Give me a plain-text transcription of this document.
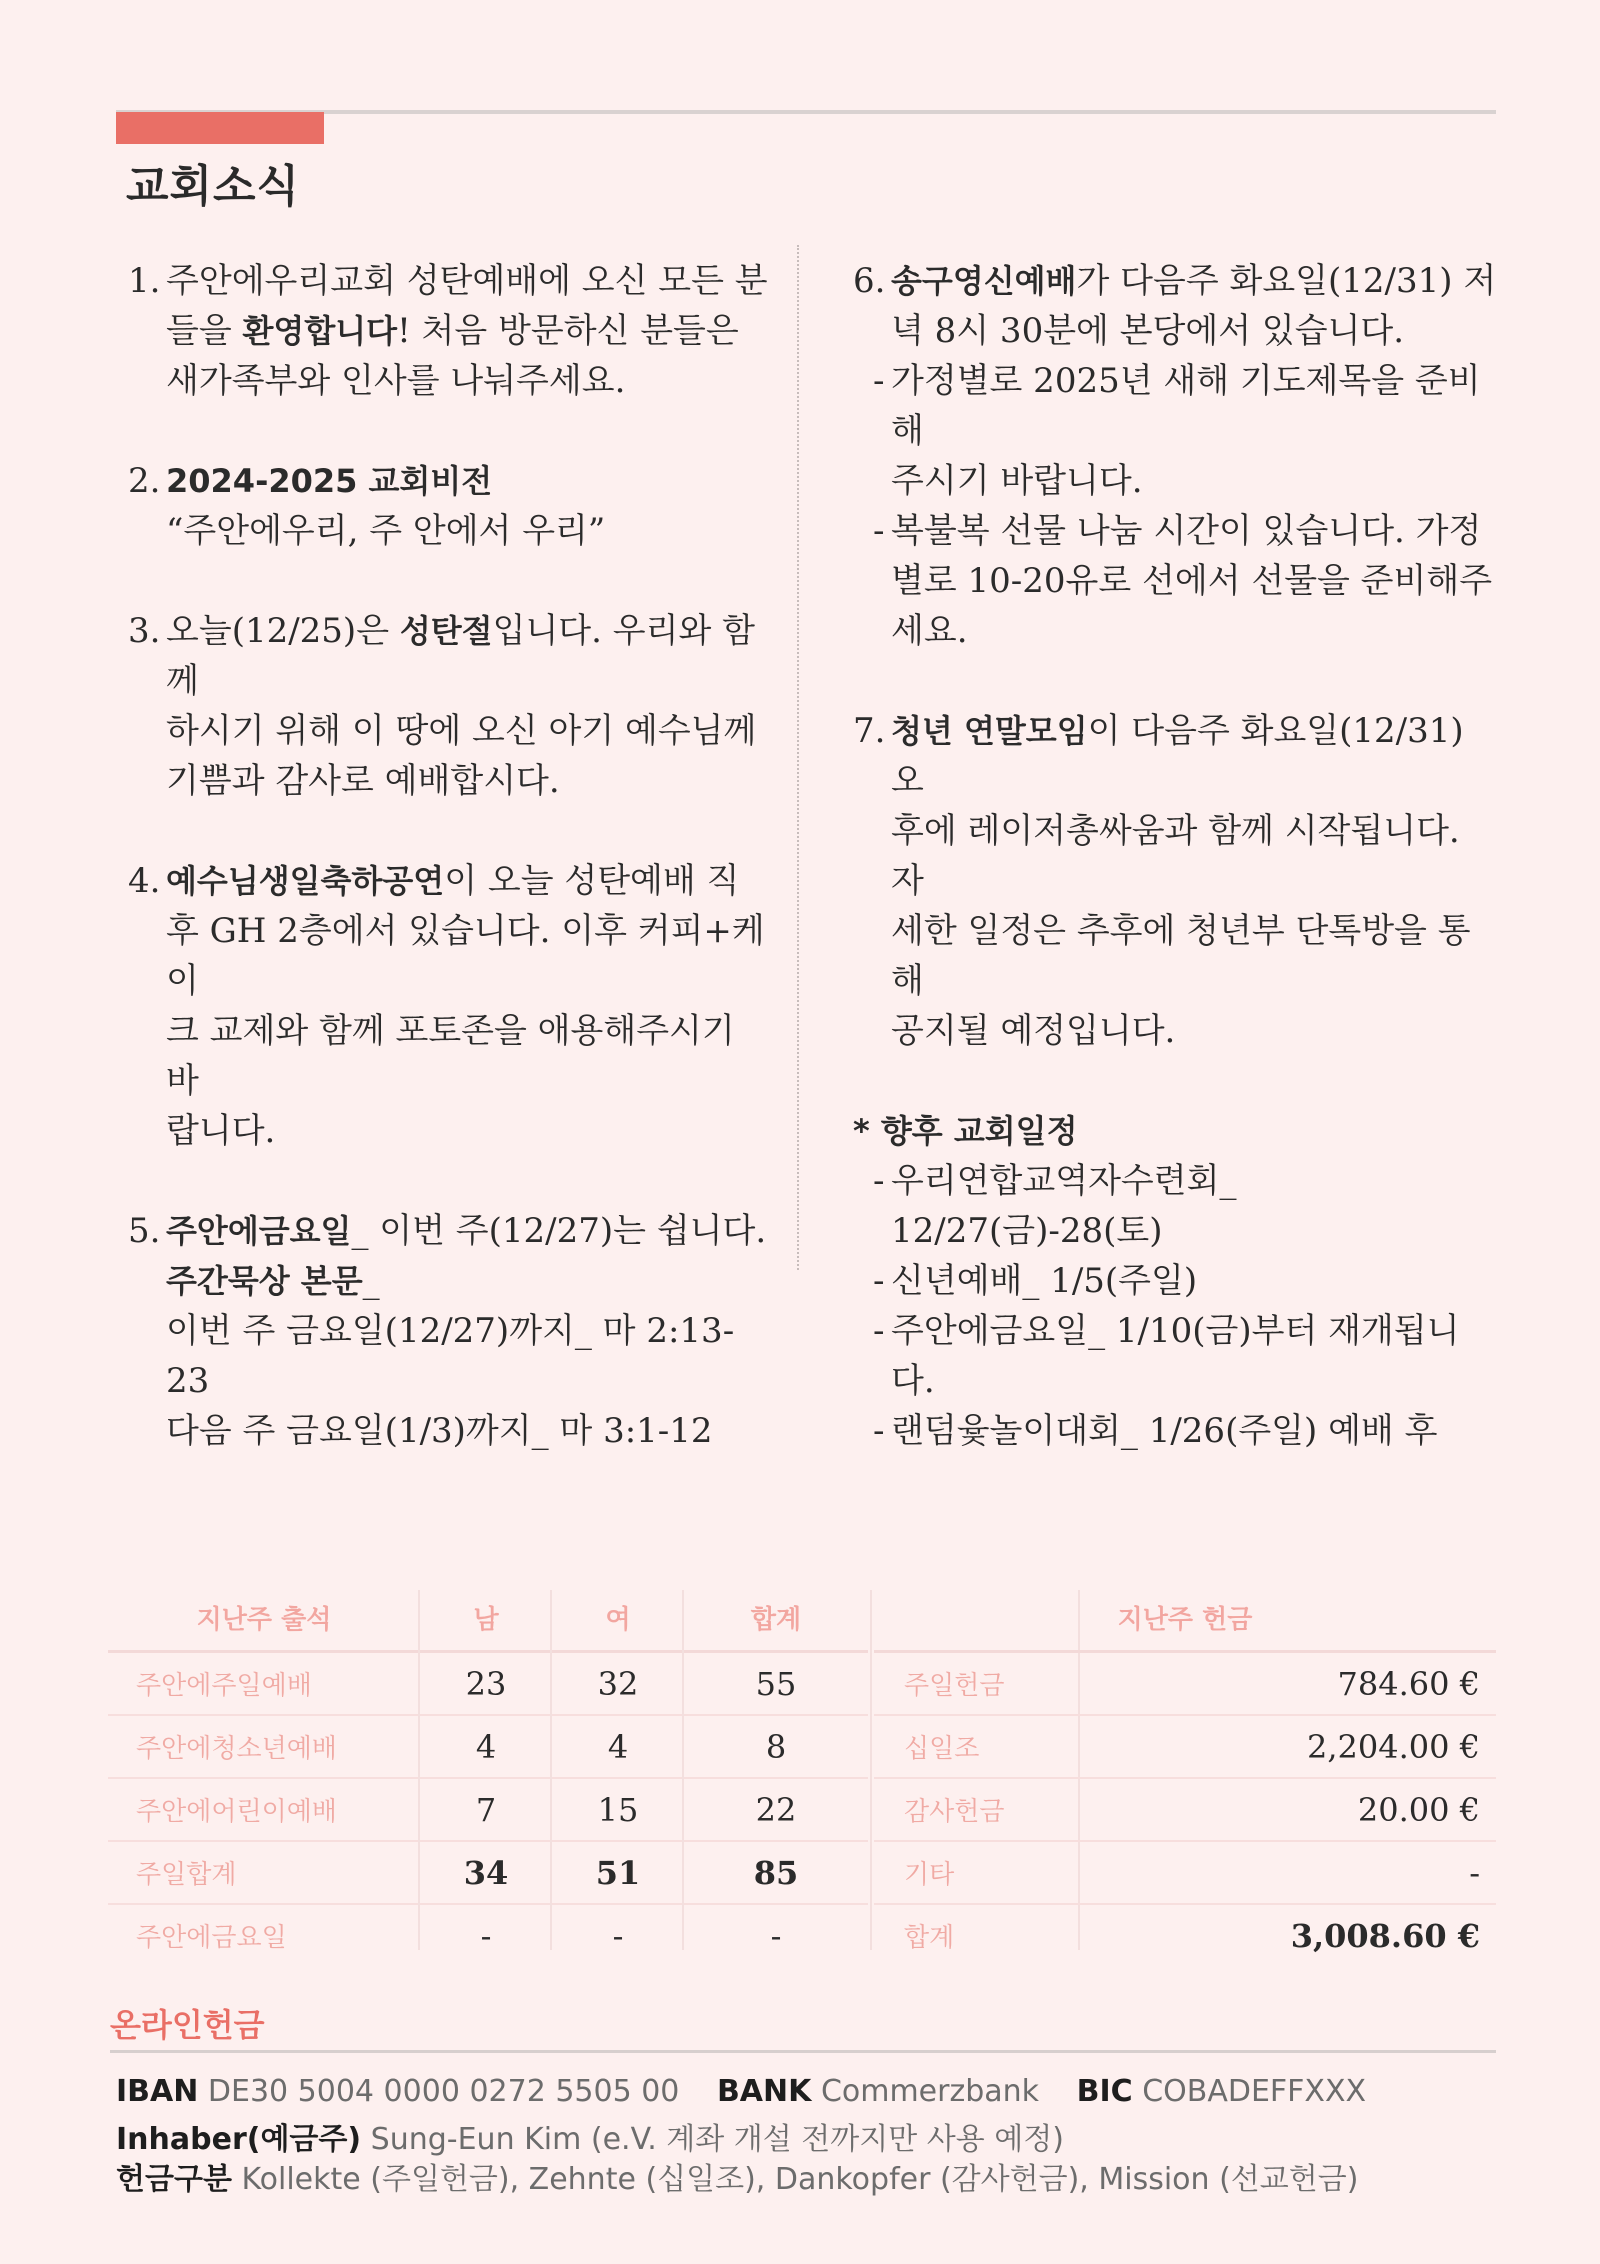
교회소식
1. 주안에우리교회 성탄예배에 오신 모든 분
들을 환영합니다! 처음 방문하신 분들은
새가족부와 인사를 나눠주세요.
2. 2024-2025 교회비전
“주안에우리, 주 안에서 우리”
3. 오늘(12/25)은 성탄절입니다. 우리와 함께
하시기 위해 이 땅에 오신 아기 예수님께
기쁨과 감사로 예배합시다.
4. 예수님생일축하공연이 오늘 성탄예배 직
후 GH 2층에서 있습니다. 이후 커피+케이
크 교제와 함께 포토존을 애용해주시기 바
랍니다.
5. 주안에금요일_ 이번 주(12/27)는 쉽니다.
주간묵상 본문_
이번 주 금요일(12/27)까지_ 마 2:13-23
다음 주 금요일(1/3)까지_ 마 3:1-12
6. 송구영신예배가 다음주 화요일(12/31) 저
녁 8시 30분에 본당에서 있습니다.
- 가정별로 2025년 새해 기도제목을 준비해
주시기 바랍니다.
- 복불복 선물 나눔 시간이 있습니다. 가정
별로 10-20유로 선에서 선물을 준비해주
세요.
7. 청년 연말모임이 다음주 화요일(12/31) 오
후에 레이저총싸움과 함께 시작됩니다. 자
세한 일정은 추후에 청년부 단톡방을 통해
공지될 예정입니다.
* 향후 교회일정
- 우리연합교역자수련회_ 12/27(금)-28(토)
- 신년예배_ 1/5(주일)
- 주안에금요일_ 1/10(금)부터 재개됩니다.
- 랜덤윷놀이대회_ 1/26(주일) 예배 후
지난주 출석	남	여	합계
주안에주일예배	23	32	55
주안에청소년예배	4	4	8
주안에어린이예배	7	15	22
주일합계	34	51	85
주안에금요일	-	-	-
지난주 헌금
주일헌금	784.60 €
십일조	2,204.00 €
감사헌금	20.00 €
기타	-
합계	3,008.60 €
온라인헌금
IBAN DE30 5004 0000 0272 5505 00 BANK Commerzbank BIC COBADEFFXXX
Inhaber(예금주) Sung-Eun Kim (e.V. 계좌 개설 전까지만 사용 예정)
헌금구분 Kollekte (주일헌금), Zehnte (십일조), Dankopfer (감사헌금), Mission (선교헌금)
